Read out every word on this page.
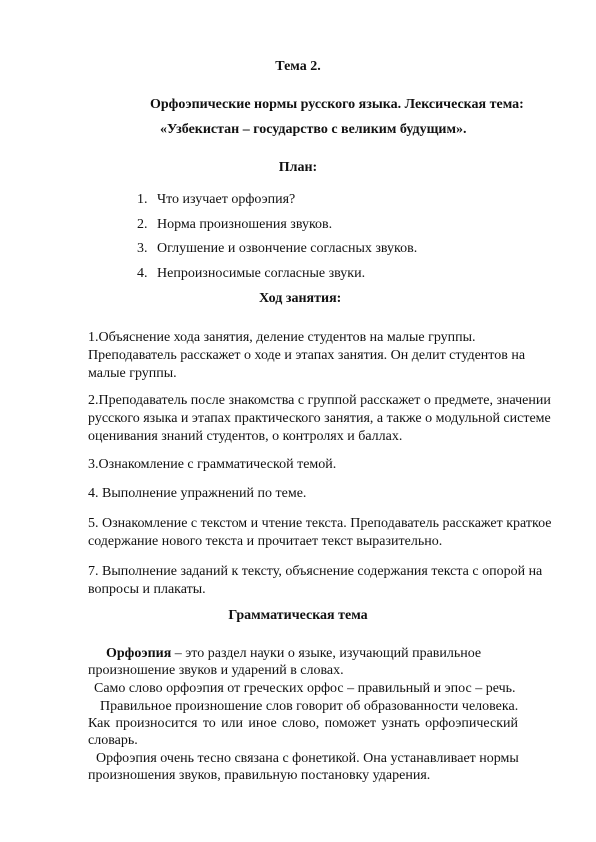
Тема 2.
Орфоэпические нормы русского языка. Лексическая тема:
«Узбекистан – государство с великим будущим».
План:
1. Что изучает орфоэпия?
2. Норма произношения звуков.
3. Оглушение и озвончение согласных звуков.
4. Непроизносимые согласные звуки.
Ход занятия:
1.Объяснение хода занятия, деление студентов на малые группы.
Преподаватель расскажет о ходе и этапах занятия. Он делит студентов на
малые группы.
2.Преподаватель после знакомства с группой расскажет о предмете, значении
русского языка и этапах практического занятия, а также о модульной системе
оценивания знаний студентов, о контролях и баллах.
3.Ознакомление с грамматической темой.
4. Выполнение упражнений по теме.
5. Ознакомление с текстом и чтение текста. Преподаватель расскажет краткое
содержание нового текста и прочитает текст выразительно.
7. Выполнение заданий к тексту, объяснение содержания текста с опорой на
вопросы и плакаты.
Грамматическая тема
Орфоэпия – это раздел науки о языке, изучающий правильное
произношение звуков и ударений в словах.
Само слово орфоэпия от греческих орфос – правильный и эпос – речь.
Правильное произношение слов говорит об образованности человека.
Как произносится то или иное слово, поможет узнать орфоэпический
словарь.
Орфоэпия очень тесно связана с фонетикой. Она устанавливает нормы
произношения звуков, правильную постановку ударения.
